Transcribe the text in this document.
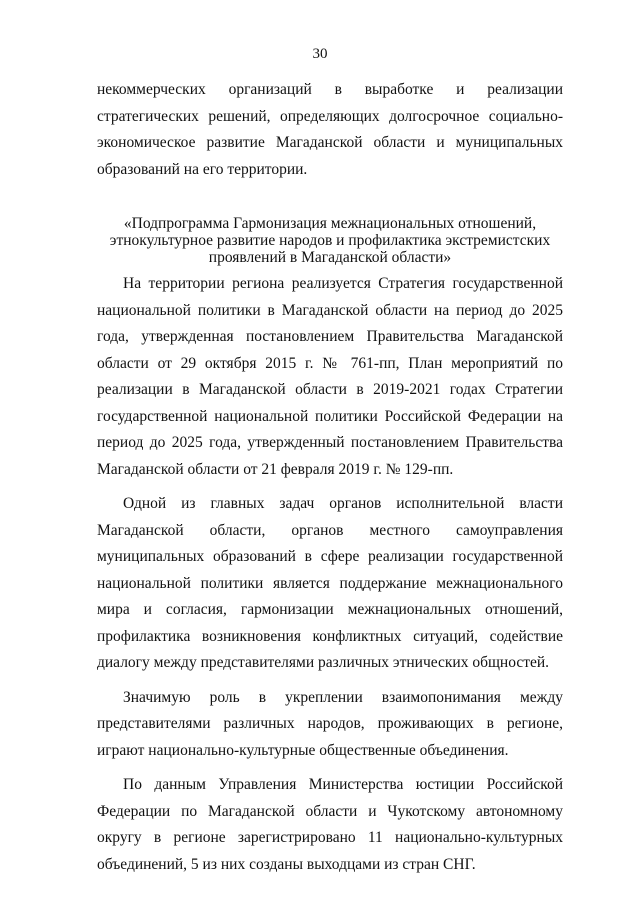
30

некоммерческих организаций в выработке и реализации стратегических решений, определяющих долгосрочное социально-экономическое развитие Магаданской области и муниципальных образований на его территории.

«Подпрограмма Гармонизация межнациональных отношений, этнокультурное развитие народов и профилактика экстремистских проявлений в Магаданской области»

На территории региона реализуется Стратегия государственной национальной политики в Магаданской области на период до 2025 года, утвержденная постановлением Правительства Магаданской области от 29 октября 2015 г. № 761-пп, План мероприятий по реализации в Магаданской области в 2019-2021 годах Стратегии государственной национальной политики Российской Федерации на период до 2025 года, утвержденный постановлением Правительства Магаданской области от 21 февраля 2019 г. № 129-пп.

Одной из главных задач органов исполнительной власти Магаданской области, органов местного самоуправления муниципальных образований в сфере реализации государственной национальной политики является поддержание межнационального мира и согласия, гармонизации межнациональных отношений, профилактика возникновения конфликтных ситуаций, содействие диалогу между представителями различных этнических общностей.

Значимую роль в укреплении взаимопонимания между представителями различных народов, проживающих в регионе, играют национально-культурные общественные объединения.

По данным Управления Министерства юстиции Российской Федерации по Магаданской области и Чукотскому автономному округу в регионе зарегистрировано 11 национально-культурных объединений, 5 из них созданы выходцами из стран СНГ.
